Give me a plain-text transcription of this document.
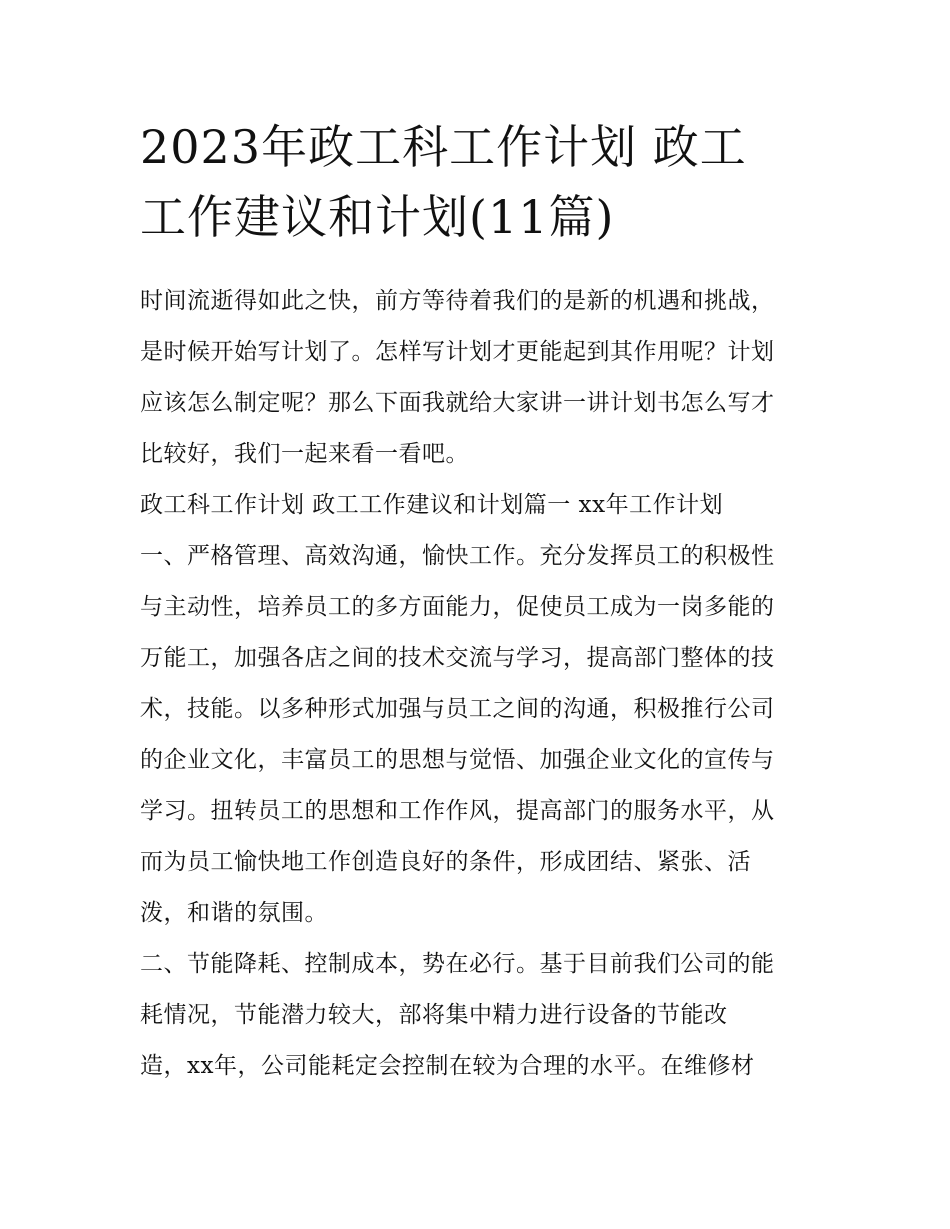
2023年政工科工作计划 政工
工作建议和计划(11篇)
时间流逝得如此之快，前方等待着我们的是新的机遇和挑战，
是时候开始写计划了。怎样写计划才更能起到其作用呢？计划
应该怎么制定呢？那么下面我就给大家讲一讲计划书怎么写才
比较好，我们一起来看一看吧。
政工科工作计划 政工工作建议和计划篇一 xx年工作计划
一、严格管理、高效沟通，愉快工作。充分发挥员工的积极性
与主动性，培养员工的多方面能力，促使员工成为一岗多能的
万能工，加强各店之间的技术交流与学习，提高部门整体的技
术，技能。以多种形式加强与员工之间的沟通，积极推行公司
的企业文化，丰富员工的思想与觉悟、加强企业文化的宣传与
学习。扭转员工的思想和工作作风，提高部门的服务水平，从
而为员工愉快地工作创造良好的条件，形成团结、紧张、活
泼，和谐的氛围。
二、节能降耗、控制成本，势在必行。基于目前我们公司的能
耗情况，节能潜力较大，部将集中精力进行设备的节能改
造，xx年，公司能耗定会控制在较为合理的水平。在维修材
